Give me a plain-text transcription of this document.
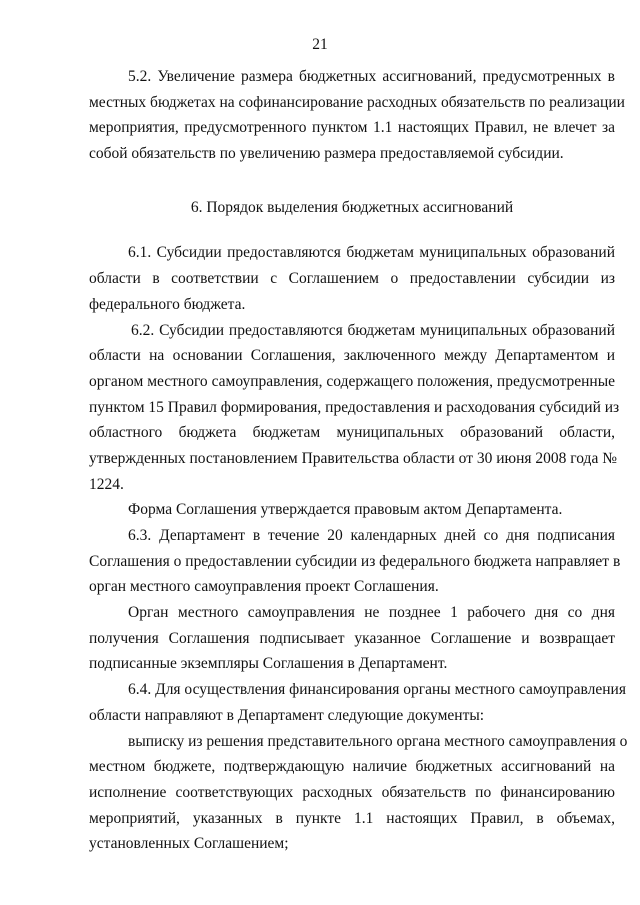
21
5.2. Увеличение размера бюджетных ассигнований, предусмотренных в
местных бюджетах на софинансирование расходных обязательств по реализации
мероприятия, предусмотренного пунктом 1.1 настоящих Правил, не влечет за
собой обязательств по увеличению размера предоставляемой субсидии.
6. Порядок выделения бюджетных ассигнований
6.1. Субсидии предоставляются бюджетам муниципальных образований
области в соответствии с Соглашением о предоставлении субсидии из
федерального бюджета.
6.2. Субсидии предоставляются бюджетам муниципальных образований
области на основании Соглашения, заключенного между Департаментом и
органом местного самоуправления, содержащего положения, предусмотренные
пунктом 15 Правил формирования, предоставления и расходования субсидий из
областного бюджета бюджетам муниципальных образований области,
утвержденных постановлением Правительства области от 30 июня 2008 года №
1224.
Форма Соглашения утверждается правовым актом Департамента.
6.3. Департамент в течение 20 календарных дней со дня подписания
Соглашения о предоставлении субсидии из федерального бюджета направляет в
орган местного самоуправления проект Соглашения.
Орган местного самоуправления не позднее 1 рабочего дня со дня
получения Соглашения подписывает указанное Соглашение и возвращает
подписанные экземпляры Соглашения в Департамент.
6.4. Для осуществления финансирования органы местного самоуправления
области направляют в Департамент следующие документы:
выписку из решения представительного органа местного самоуправления о
местном бюджете, подтверждающую наличие бюджетных ассигнований на
исполнение соответствующих расходных обязательств по финансированию
мероприятий, указанных в пункте 1.1 настоящих Правил, в объемах,
установленных Соглашением;
